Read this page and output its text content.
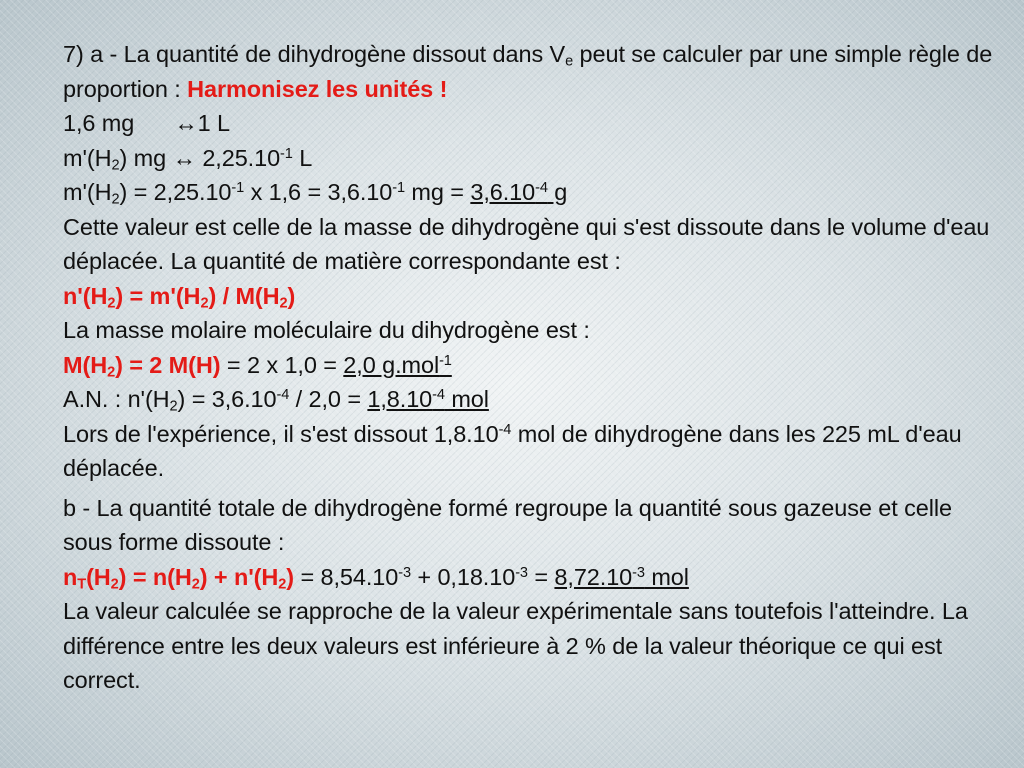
7) a - La quantité de dihydrogène dissout dans $V_e$ peut se calculer par une simple règle de proportion : Harmonisez les unités !
1,6 mg ↔1 L
$m'(H_2)$ mg ↔ $2,25.10^{-1}$ L
$m'(H_2) = 2,25.10^{-1}$ x $1,6 = 3,6.10^{-1}$ mg = $3,6.10^{-4}$ g
Cette valeur est celle de la masse de dihydrogène qui s'est dissoute dans le volume d'eau déplacée. La quantité de matière correspondante est :
$n'(H_2) = m'(H_2) / M(H_2)$
La masse molaire moléculaire du dihydrogène est :
$M(H_2) = 2$ M(H) = 2 x 1,0 = 2,0 g.mol$^{-1}$
A.N. : $n'(H_2) = 3,6.10^{-4} / 2,0 = 1,8.10^{-4}$ mol
Lors de l'expérience, il s'est dissout $1,8.10^{-4}$ mol de dihydrogène dans les 225 mL d'eau déplacée.
b - La quantité totale de dihydrogène formé regroupe la quantité sous gazeuse et celle sous forme dissoute :
$n_T(H_2) = n(H_2) + n'(H_2) = 8,54.10^{-3} + 0,18.10^{-3} = 8,72.10^{-3}$ mol
La valeur calculée se rapproche de la valeur expérimentale sans toutefois l'atteindre. La différence entre les deux valeurs est inférieure à 2 % de la valeur théorique ce qui est correct.
